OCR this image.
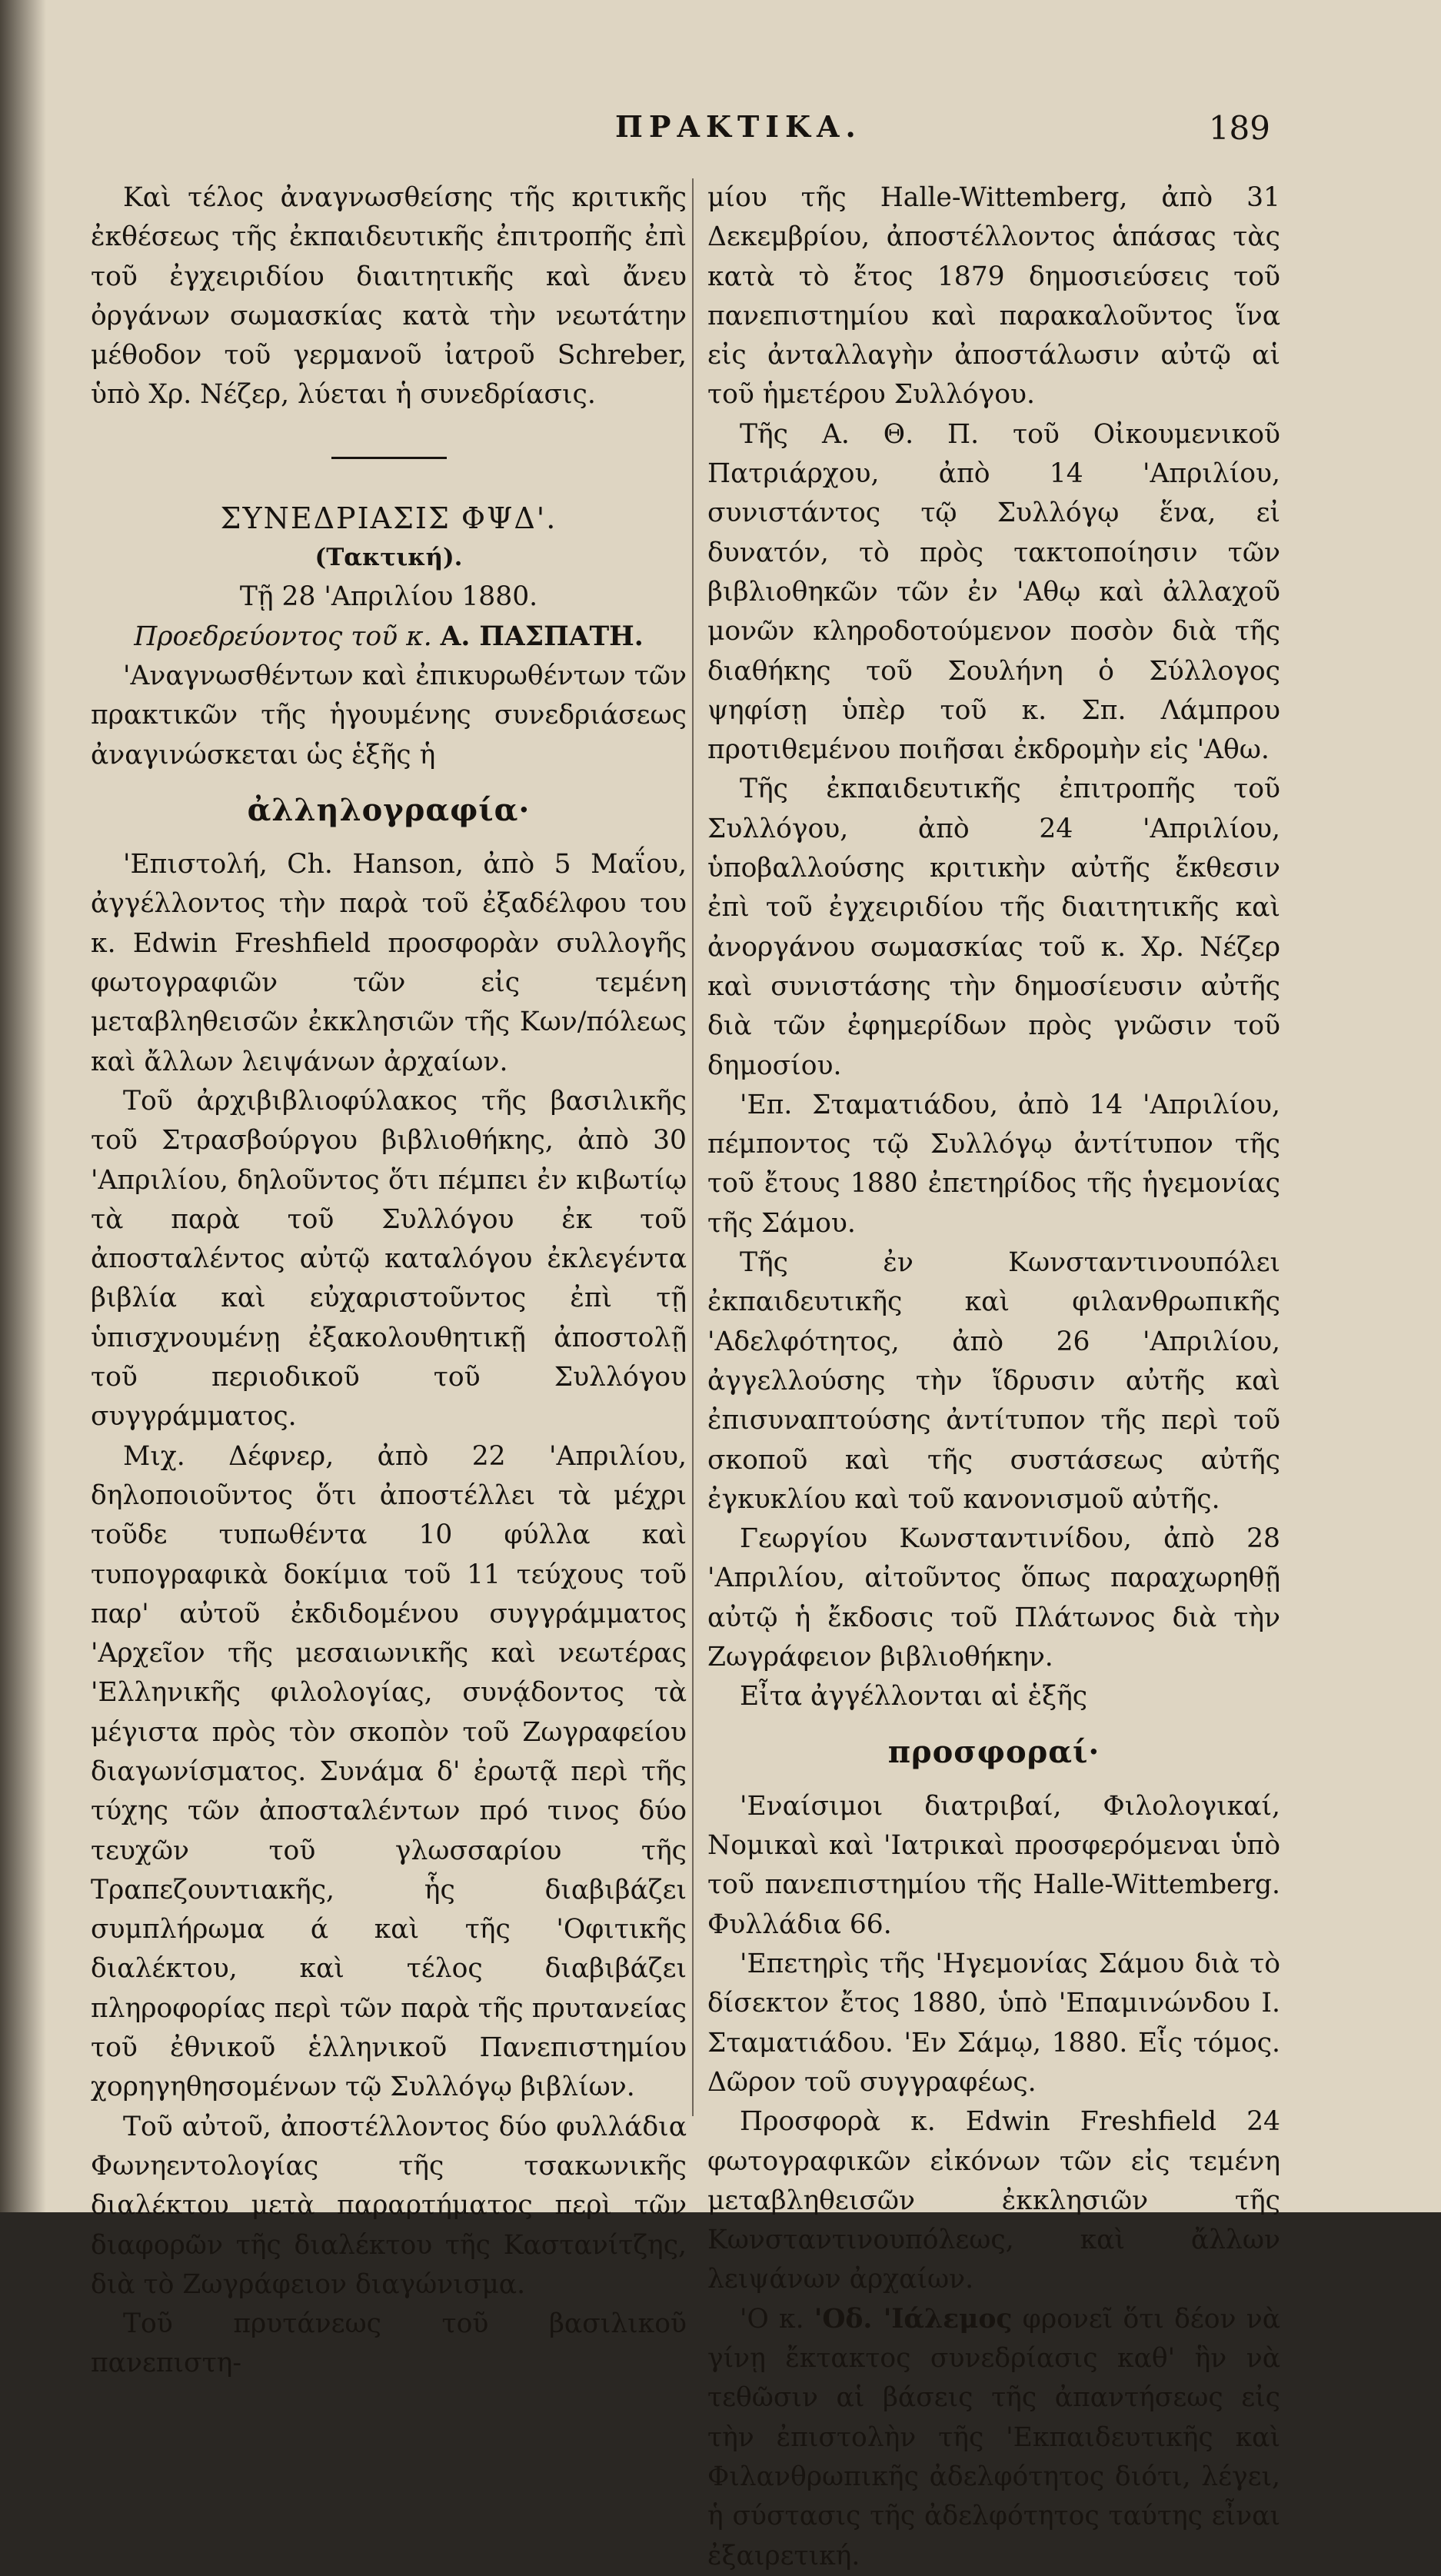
ΠΡΑΚΤΙΚΑ.	189

Καὶ τέλος ἀναγνωσθείσης τῆς κριτικῆς ἐκθέσεως τῆς ἐκπαιδευτικῆς ἐπιτροπῆς ἐπὶ τοῦ ἐγχειριδίου διαιτητικῆς καὶ ἄνευ ὀργάνων σωμασκίας κατὰ τὴν νεωτάτην μέθοδον τοῦ γερμανοῦ ἰατροῦ Schreber, ὑπὸ Χρ. Νέζερ, λύεται ἡ συνεδρίασις.

ΣΥΝΕΔΡΙΑΣΙΣ ΦΨΔ'.

(Τακτική).

Τῇ 28 'Απριλίου 1880.

Προεδρεύοντος τοῦ κ. Α. ΠΑΣΠΑΤΗ.

'Αναγνωσθέντων καὶ ἐπικυρωθέντων τῶν πρακτικῶν τῆς ἡγουμένης συνεδριάσεως ἀναγινώσκεται ὡς ἑξῆς ἡ

ἀλληλογραφία·

'Επιστολή, Ch. Hanson, ἀπὸ 5 Μαΐου, ἀγγέλλοντος τὴν παρὰ τοῦ ἐξαδέλφου του κ. Edwin Freshfield προσφορὰν συλλογῆς φωτογραφιῶν τῶν εἰς τεμένη μεταβληθεισῶν ἐκκλησιῶν τῆς Κων/πόλεως καὶ ἄλλων λειψάνων ἀρχαίων.

Τοῦ ἀρχιβιβλιοφύλακος τῆς βασιλικῆς τοῦ Στρασβούργου βιβλιοθήκης, ἀπὸ 30 'Απριλίου, δηλοῦντος ὅτι πέμπει ἐν κιβωτίῳ τὰ παρὰ τοῦ Συλλόγου ἐκ τοῦ ἀποσταλέντος αὐτῷ καταλόγου ἐκλεγέντα βιβλία καὶ εὐχαριστοῦντος ἐπὶ τῇ ὑπισχνουμένῃ ἐξακολουθητικῇ ἀποστολῇ τοῦ περιοδικοῦ τοῦ Συλλόγου συγγράμματος.

Μιχ. Δέφνερ, ἀπὸ 22 'Απριλίου, δηλοποιοῦντος ὅτι ἀποστέλλει τὰ μέχρι τοῦδε τυπωθέντα 10 φύλλα καὶ τυπογραφικὰ δοκίμια τοῦ 11 τεύχους τοῦ παρ' αὐτοῦ ἐκδιδομένου συγγράμματος 'Αρχεῖον τῆς μεσαιωνικῆς καὶ νεωτέρας 'Ελληνικῆς φιλολογίας, συνᾴδοντος τὰ μέγιστα πρὸς τὸν σκοπὸν τοῦ Ζωγραφείου διαγωνίσματος. Συνάμα δ' ἐρωτᾷ περὶ τῆς τύχης τῶν ἀποσταλέντων πρό τινος δύο τευχῶν τοῦ γλωσσαρίου τῆς Τραπεζουντιακῆς, ἧς διαβιβάζει συμπλήρωμα ά καὶ τῆς 'Οφιτικῆς διαλέκτου, καὶ τέλος διαβιβάζει πληροφορίας περὶ τῶν παρὰ τῆς πρυτανείας τοῦ ἐθνικοῦ ἑλληνικοῦ Πανεπιστημίου χορηγηθησομένων τῷ Συλλόγῳ βιβλίων.

Τοῦ αὐτοῦ, ἀποστέλλοντος δύο φυλλάδια Φωνηεντολογίας τῆς τσακωνικῆς διαλέκτου μετὰ παραρτήματος περὶ τῶν διαφορῶν τῆς διαλέκτου τῆς Καστανίτζης, διὰ τὸ Ζωγράφειον διαγώνισμα.

Τοῦ πρυτάνεως τοῦ βασιλικοῦ πανεπιστη-

μίου τῆς Halle-Wittemberg, ἀπὸ 31 Δεκεμβρίου, ἀποστέλλοντος ἁπάσας τὰς κατὰ τὸ ἔτος 1879 δημοσιεύσεις τοῦ πανεπιστημίου καὶ παρακαλοῦντος ἵνα εἰς ἀνταλλαγὴν ἀποστάλωσιν αὐτῷ αἱ τοῦ ἡμετέρου Συλλόγου.

Τῆς Α. Θ. Π. τοῦ Οἰκουμενικοῦ Πατριάρχου, ἀπὸ 14 'Απριλίου, συνιστάντος τῷ Συλλόγῳ ἕνα, εἰ δυνατόν, τὸ πρὸς τακτοποίησιν τῶν βιβλιοθηκῶν τῶν ἐν 'Αθῳ καὶ ἀλλαχοῦ μονῶν κληροδοτούμενον ποσὸν διὰ τῆς διαθήκης τοῦ Σουλήνη ὁ Σύλλογος ψηφίσῃ ὑπὲρ τοῦ κ. Σπ. Λάμπρου προτιθεμένου ποιῆσαι ἐκδρομὴν εἰς 'Αθω.

Τῆς ἐκπαιδευτικῆς ἐπιτροπῆς τοῦ Συλλόγου, ἀπὸ 24 'Απριλίου, ὑποβαλλούσης κριτικὴν αὐτῆς ἔκθεσιν ἐπὶ τοῦ ἐγχειριδίου τῆς διαιτητικῆς καὶ ἀνοργάνου σωμασκίας τοῦ κ. Χρ. Νέζερ καὶ συνιστάσης τὴν δημοσίευσιν αὐτῆς διὰ τῶν ἐφημερίδων πρὸς γνῶσιν τοῦ δημοσίου.

'Επ. Σταματιάδου, ἀπὸ 14 'Απριλίου, πέμποντος τῷ Συλλόγῳ ἀντίτυπον τῆς τοῦ ἔτους 1880 ἐπετηρίδος τῆς ἡγεμονίας τῆς Σάμου.

Τῆς ἐν Κωνσταντινουπόλει ἐκπαιδευτικῆς καὶ φιλανθρωπικῆς 'Αδελφότητος, ἀπὸ 26 'Απριλίου, ἀγγελλούσης τὴν ἵδρυσιν αὐτῆς καὶ ἐπισυναπτούσης ἀντίτυπον τῆς περὶ τοῦ σκοποῦ καὶ τῆς συστάσεως αὐτῆς ἐγκυκλίου καὶ τοῦ κανονισμοῦ αὐτῆς.

Γεωργίου Κωνσταντινίδου, ἀπὸ 28 'Απριλίου, αἰτοῦντος ὅπως παραχωρηθῇ αὐτῷ ἡ ἔκδοσις τοῦ Πλάτωνος διὰ τὴν Ζωγράφειον βιβλιοθήκην.

Εἶτα ἀγγέλλονται αἱ ἑξῆς

προσφοραί·

'Εναίσιμοι διατριβαί, Φιλολογικαί, Νομικαὶ καὶ 'Ιατρικαὶ προσφερόμεναι ὑπὸ τοῦ πανεπιστημίου τῆς Halle-Wittemberg. Φυλλάδια 66.

'Επετηρὶς τῆς 'Ηγεμονίας Σάμου διὰ τὸ δίσεκτον ἔτος 1880, ὑπὸ 'Επαμινώνδου Ι. Σταματιάδου. 'Εν Σάμῳ, 1880. Εἷς τόμος. Δῶρον τοῦ συγγραφέως.

Προσφορὰ κ. Edwin Freshfield 24 φωτογραφικῶν εἰκόνων τῶν εἰς τεμένη μεταβληθεισῶν ἐκκλησιῶν τῆς Κωνσταντινουπόλεως, καὶ ἄλλων λειψάνων ἀρχαίων.

'Ο κ. 'Οδ. 'Ιάλεμος φρονεῖ ὅτι δέον νὰ γίνῃ ἔκτακτος συνεδρίασις καθ' ἣν νὰ τεθῶσιν αἱ βάσεις τῆς ἀπαντήσεως εἰς τὴν ἐπιστολὴν τῆς 'Εκπαιδευτικῆς καὶ Φιλανθρωπικῆς ἀδελφότητος διότι, λέγει, ἡ σύστασις τῆς ἀδελφότητος ταύτης εἶναι ἐξαιρετική.
